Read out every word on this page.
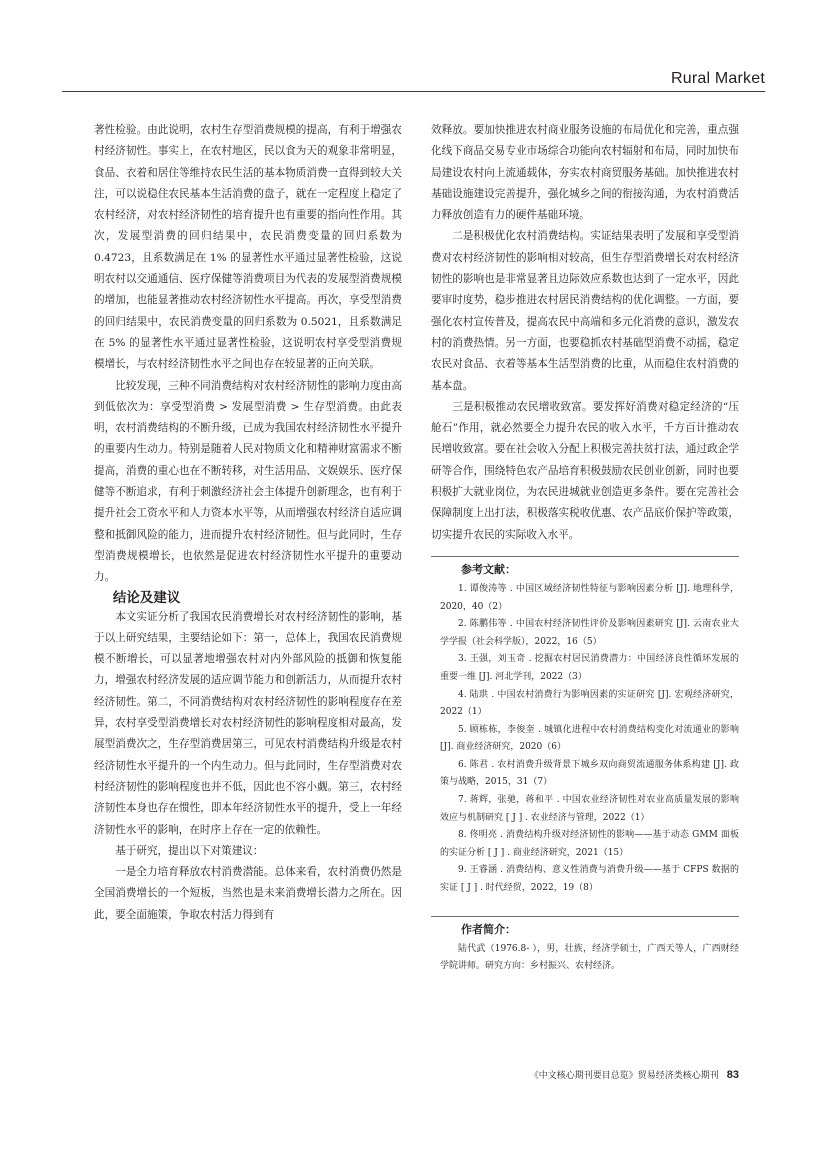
Rural Market

著性检验。由此说明，农村生存型消费规模的提高，有利于增强农村经济韧性。事实上，在农村地区，民以食为天的观象非常明显，食品、衣着和居住等维持农民生活的基本物质消费一直得到较大关注，可以说稳住农民基本生活消费的盘子，就在一定程度上稳定了农村经济，对农村经济韧性的培育提升也有重要的指向性作用。其次，发展型消费的回归结果中，农民消费变量的回归系数为 0.4723，且系数满足在 1% 的显著性水平通过显著性检验，这说明农村以交通通信、医疗保健等消费项目为代表的发展型消费规模的增加，也能显著推动农村经济韧性水平提高。再次，享受型消费的回归结果中，农民消费变量的回归系数为 0.5021，且系数满足在 5% 的显著性水平通过显著性检验，这说明农村享受型消费规模增长，与农村经济韧性水平之间也存在较显著的正向关联。

比较发现，三种不同消费结构对农村经济韧性的影响力度由高到低依次为：享受型消费 > 发展型消费 > 生存型消费。由此表明，农村消费结构的不断升级，已成为我国农村经济韧性水平提升的重要内生动力。特别是随着人民对物质文化和精神财富需求不断提高，消费的重心也在不断转移，对生活用品、文娱娱乐、医疗保健等不断追求，有利于刺激经济社会主体提升创新理念，也有利于提升社会工资水平和人力资本水平等，从而增强农村经济自适应调整和抵御风险的能力，进而提升农村经济韧性。但与此同时，生存型消费规模增长，也依然是促进农村经济韧性水平提升的重要动力。

结论及建议

本文实证分析了我国农民消费增长对农村经济韧性的影响，基于以上研究结果，主要结论如下：第一，总体上，我国农民消费规模不断增长，可以显著地增强农村对内外部风险的抵御和恢复能力，增强农村经济发展的适应调节能力和创新活力，从而提升农村经济韧性。第二，不同消费结构对农村经济韧性的影响程度存在差异，农村享受型消费增长对农村经济韧性的影响程度相对最高，发展型消费次之，生存型消费居第三，可见农村消费结构升级是农村经济韧性水平提升的一个内生动力。但与此同时，生存型消费对农村经济韧性的影响程度也并不低，因此也不容小觑。第三，农村经济韧性本身也存在惯性，即本年经济韧性水平的提升，受上一年经济韧性水平的影响，在时序上存在一定的依赖性。

基于研究，提出以下对策建议：

一是全力培育释放农村消费潜能。总体来看，农村消费仍然是全国消费增长的一个短板，当然也是未来消费增长潜力之所在。因此，要全面施策，争取农村活力得到有

效释放。要加快推进农村商业服务设施的布局优化和完善，重点强化线下商品交易专业市场综合功能向农村辐射和布局，同时加快布局建设农村向上流通载体，夯实农村商贸服务基础。加快推进农村基础设施建设完善提升，强化城乡之间的衔接沟通，为农村消费活力释放创造有力的硬件基础环境。

二是积极优化农村消费结构。实证结果表明了发展和享受型消费对农村经济韧性的影响相对较高，但生存型消费增长对农村经济韧性的影响也是非常显著且边际效应系数也达到了一定水平，因此要审时度势，稳步推进农村居民消费结构的优化调整。一方面，要强化农村宣传普及，提高农民中高端和多元化消费的意识，激发农村的消费热情。另一方面，也要稳抓农村基础型消费不动摇，稳定农民对食品、衣着等基本生活型消费的比重，从而稳住农村消费的基本盘。

三是积极推动农民增收致富。要发挥好消费对稳定经济的“压舱石”作用，就必然要全力提升农民的收入水平，千方百计推动农民增收致富。要在社会收入分配上积极完善扶贫打法，通过政企学研等合作，围绕特色农产品培育积极鼓励农民创业创新，同时也要积极扩大就业岗位，为农民进城就业创造更多条件。要在完善社会保障制度上出打法，积极落实税收优惠、农产品底价保护等政策，切实提升农民的实际收入水平。

参考文献：

1. 谭俊涛等 . 中国区域经济韧性特征与影响因素分析 [J]. 地理科学，2020，40（2）

2. 陈鹏伟等 . 中国农村经济韧性评价及影响因素研究 [J]. 云南农业大学学报（社会科学版），2022，16（5）

3. 王强，刘玉奇 . 挖掘农村居民消费潜力：中国经济良性循环发展的重要一维 [J]. 河北学刊，2022（3）

4. 陆珙 . 中国农村消费行为影响因素的实证研究 [J]. 宏观经济研究，2022（1）

5. 顾栋栋，李俊奎 . 城镇化进程中农村消费结构变化对流通业的影响 [J]. 商业经济研究，2020（6）

6. 陈君 . 农村消费升级背景下城乡双向商贸流通服务体系构建 [J]. 政策与战略，2015，31（7）

7. 蒋辉，张驰，蒋和平 . 中国农业经济韧性对农业高质量发展的影响效应与机制研究 [ J ] . 农业经济与管理，2022（1）

8. 佟明亮 . 消费结构升级对经济韧性的影响——基于动态 GMM 面板的实证分析 [ J ] . 商业经济研究，2021（15）

9. 王睿涵 . 消费结构、意义性消费与消费升级——基于 CFPS 数据的实证 [ J ] . 时代经贸，2022，19（8）

作者简介：

陆代武（1976.8- ），男，壮族，经济学硕士，广西天等人，广西财经学院讲师。研究方向：乡村振兴、农村经济。

《中文核心期刊要目总览》贸易经济类核心期刊 83
